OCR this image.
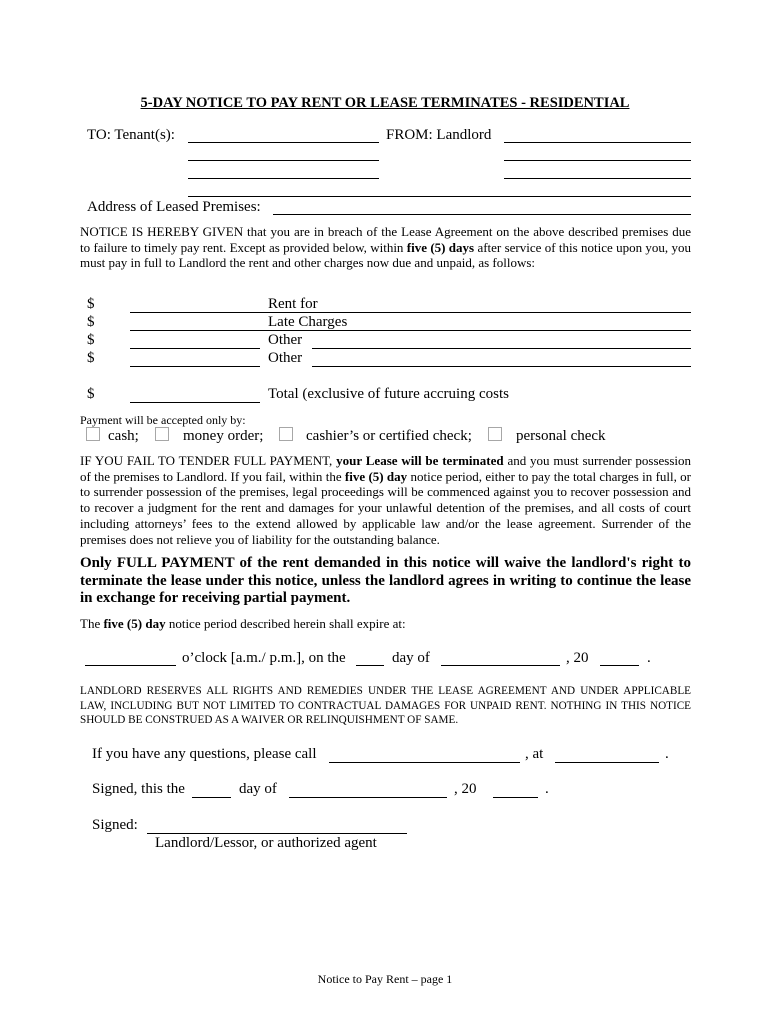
5-DAY NOTICE TO PAY RENT OR LEASE TERMINATES - RESIDENTIAL
TO: Tenant(s):	FROM: Landlord
Address of Leased Premises:
NOTICE IS HEREBY GIVEN that you are in breach of the Lease Agreement on the above described premises due to failure to timely pay rent. Except as provided below, within five (5) days after service of this notice upon you, you must pay in full to Landlord the rent and other charges now due and unpaid, as follows:
$	Rent for
$	Late Charges
$	Other
$	Other
$	Total (exclusive of future accruing costs
Payment will be accepted only by:
cash;	money order;	cashier’s or certified check;	personal check
IF YOU FAIL TO TENDER FULL PAYMENT, your Lease will be terminated and you must surrender possession of the premises to Landlord. If you fail, within the five (5) day notice period, either to pay the total charges in full, or to surrender possession of the premises, legal proceedings will be commenced against you to recover possession and to recover a judgment for the rent and damages for your unlawful detention of the premises, and all costs of court including attorneys’ fees to the extend allowed by applicable law and/or the lease agreement. Surrender of the premises does not relieve you of liability for the outstanding balance.
Only FULL PAYMENT of the rent demanded in this notice will waive the landlord's right to terminate the lease under this notice, unless the landlord agrees in writing to continue the lease in exchange for receiving partial payment.
The five (5) day notice period described herein shall expire at:
o’clock [a.m./ p.m.], on the	day of	, 20	.
LANDLORD RESERVES ALL RIGHTS AND REMEDIES UNDER THE LEASE AGREEMENT AND UNDER APPLICABLE LAW, INCLUDING BUT NOT LIMITED TO CONTRACTUAL DAMAGES FOR UNPAID RENT. NOTHING IN THIS NOTICE SHOULD BE CONSTRUED AS A WAIVER OR RELINQUISHMENT OF SAME.
If you have any questions, please call	, at	.
Signed, this the	day of	, 20	.
Signed:
Landlord/Lessor, or authorized agent
Notice to Pay Rent – page 1
